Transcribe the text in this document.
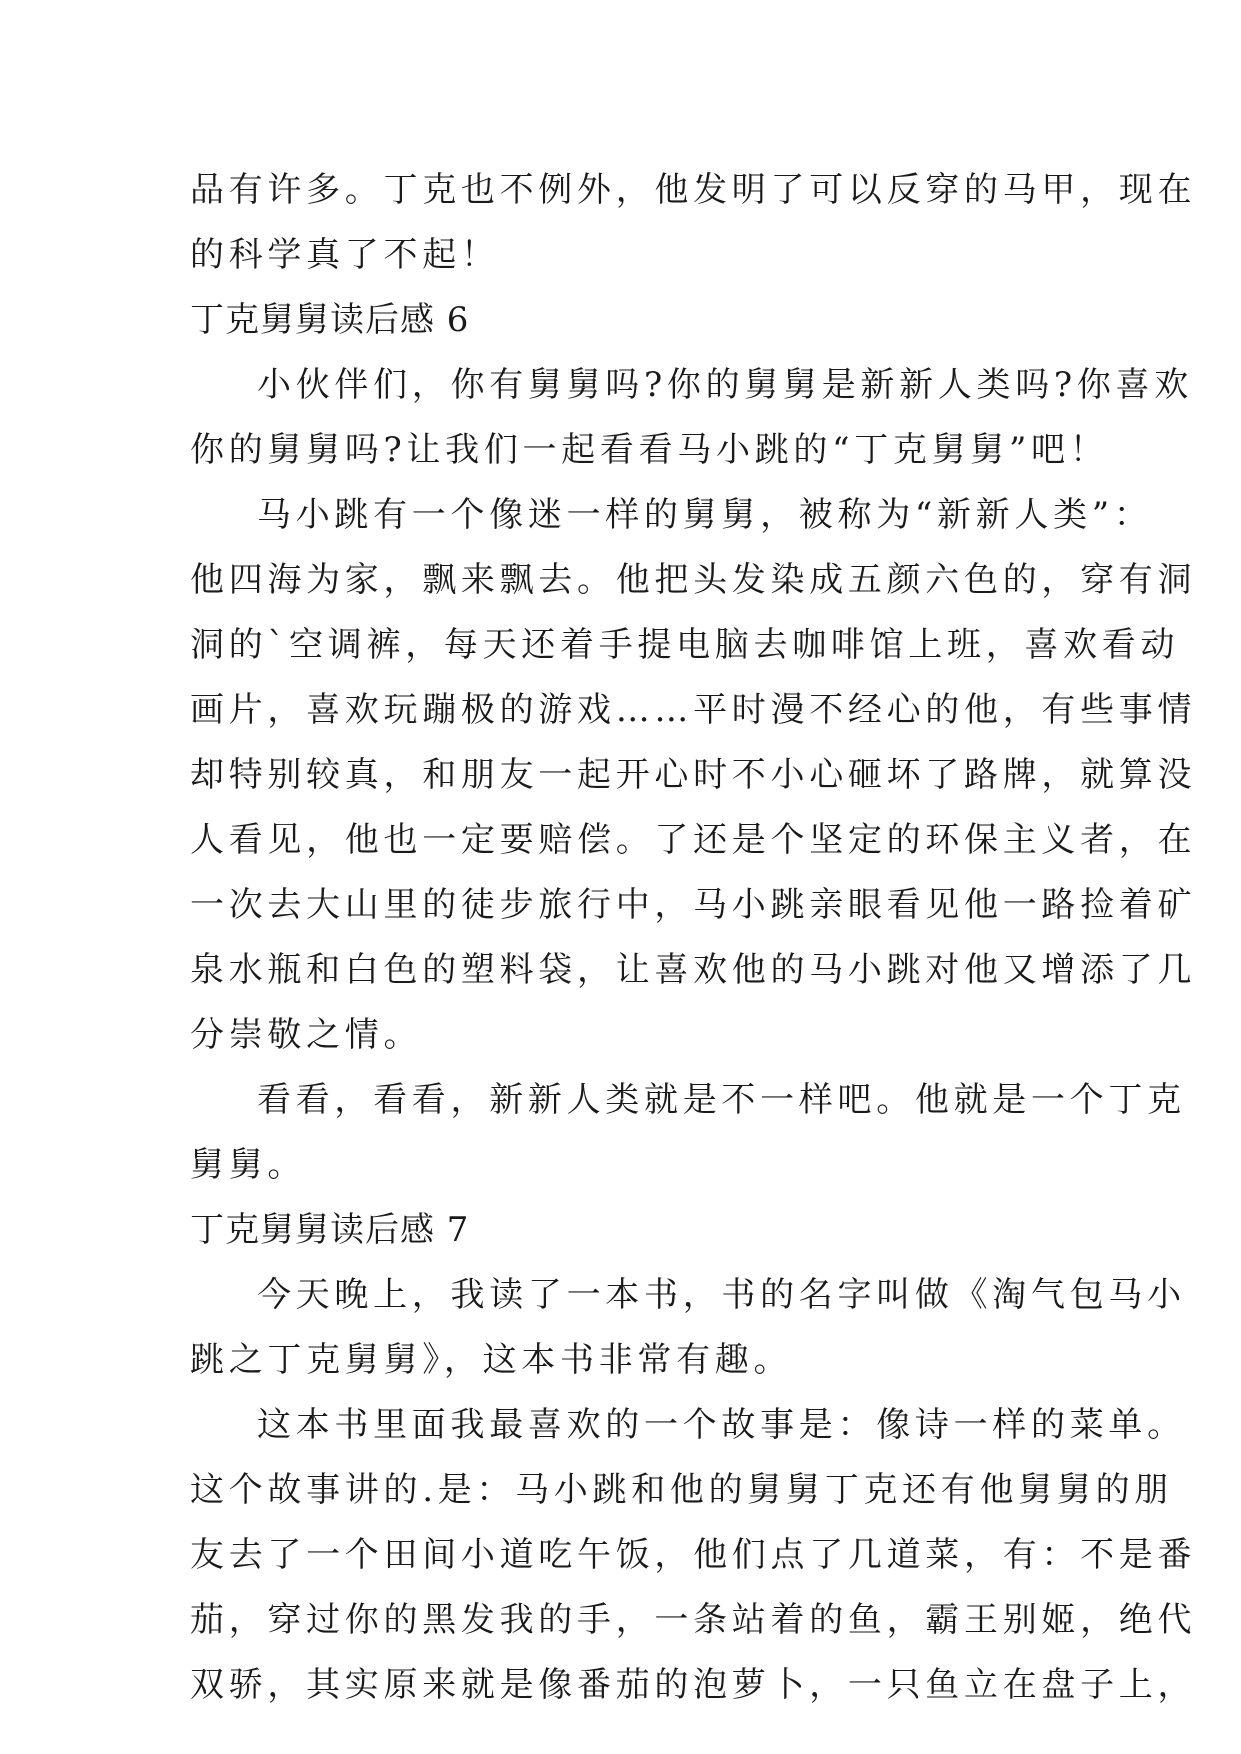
品有许多。丁克也不例外，他发明了可以反穿的马甲，现在
的科学真了不起！
丁克舅舅读后感 6
小伙伴们，你有舅舅吗?你的舅舅是新新人类吗?你喜欢
你的舅舅吗?让我们一起看看马小跳的“丁克舅舅”吧！
马小跳有一个像迷一样的舅舅，被称为“新新人类”：
他四海为家，飘来飘去。他把头发染成五颜六色的，穿有洞
洞的`空调裤，每天还着手提电脑去咖啡馆上班，喜欢看动
画片，喜欢玩蹦极的游戏……平时漫不经心的他，有些事情
却特别较真，和朋友一起开心时不小心砸坏了路牌，就算没
人看见，他也一定要赔偿。了还是个坚定的环保主义者，在
一次去大山里的徒步旅行中，马小跳亲眼看见他一路捡着矿
泉水瓶和白色的塑料袋，让喜欢他的马小跳对他又增添了几
分崇敬之情。
看看，看看，新新人类就是不一样吧。他就是一个丁克
舅舅。
丁克舅舅读后感 7
今天晚上，我读了一本书，书的名字叫做《淘气包马小
跳之丁克舅舅》，这本书非常有趣。
这本书里面我最喜欢的一个故事是：像诗一样的菜单。
这个故事讲的.是：马小跳和他的舅舅丁克还有他舅舅的朋
友去了一个田间小道吃午饭，他们点了几道菜，有：不是番
茄，穿过你的黑发我的手，一条站着的鱼，霸王别姬，绝代
双骄，其实原来就是像番茄的泡萝卜，一只鱼立在盘子上，
